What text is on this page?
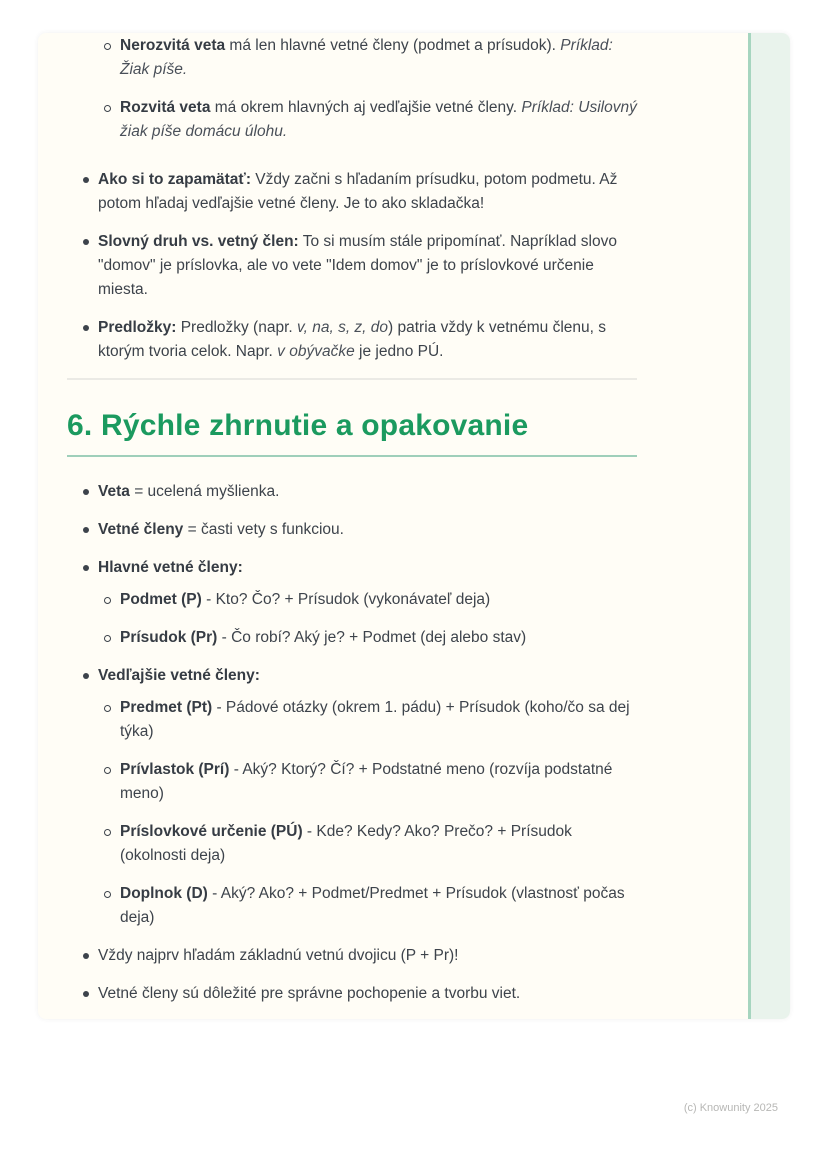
Nerozvitá veta má len hlavné vetné členy (podmet a prísudok). Príklad: Žiak píše.
Rozvitá veta má okrem hlavných aj vedľajšie vetné členy. Príklad: Usilovný žiak píše domácu úlohu.
Ako si to zapamätať: Vždy začni s hľadaním prísudku, potom podmetu. Až potom hľadaj vedľajšie vetné členy. Je to ako skladačka!
Slovný druh vs. vetný člen: To si musím stále pripomínať. Napríklad slovo "domov" je príslovka, ale vo vete "Idem domov" je to príslovkové určenie miesta.
Predložky: Predložky (napr. v, na, s, z, do) patria vždy k vetnému členu, s ktorým tvoria celok. Napr. v obývačke je jedno PÚ.
6. Rýchle zhrnutie a opakovanie
Veta = ucelená myšlienka.
Vetné členy = časti vety s funkciou.
Hlavné vetné členy:
Podmet (P) - Kto? Čo? + Prísudok (vykonávateľ deja)
Prísudok (Pr) - Čo robí? Aký je? + Podmet (dej alebo stav)
Vedľajšie vetné členy:
Predmet (Pt) - Pádové otázky (okrem 1. pádu) + Prísudok (koho/čo sa dej týka)
Prívlastok (Prí) - Aký? Ktorý? Čí? + Podstatné meno (rozvíja podstatné meno)
Príslovkové určenie (PÚ) - Kde? Kedy? Ako? Prečo? + Prísudok (okolnosti deja)
Doplnok (D) - Aký? Ako? + Podmet/Predmet + Prísudok (vlastnosť počas deja)
Vždy najprv hľadám základnú vetnú dvojicu (P + Pr)!
Vetné členy sú dôležité pre správne pochopenie a tvorbu viet.
(c) Knowunity 2025
